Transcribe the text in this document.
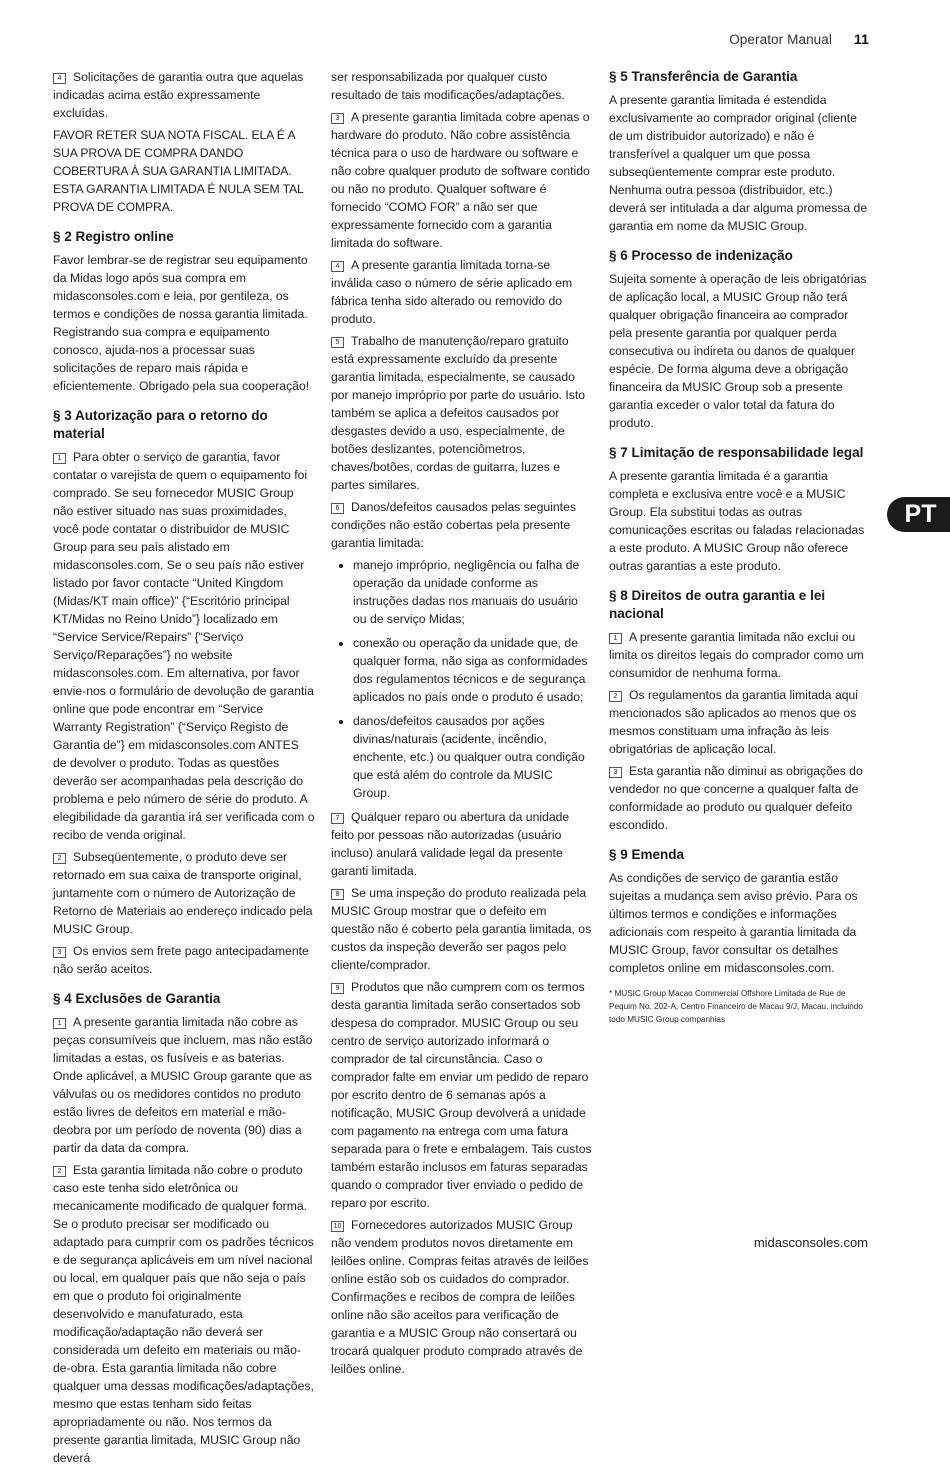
Operator Manual 11

4 Solicitações de garantia outra que aquelas indicadas acima estão expressamente excluídas.

FAVOR RETER SUA NOTA FISCAL. ELA É A SUA PROVA DE COMPRA DANDO COBERTURA À SUA GARANTIA LIMITADA. ESTA GARANTIA LIMITADA É NULA SEM TAL PROVA DE COMPRA.

§ 2 Registro online

Favor lembrar-se de registrar seu equipamento da Midas logo após sua compra em midasconsoles.com e leia, por gentileza, os termos e condições de nossa garantia limitada. Registrando sua compra e equipamento conosco, ajuda-nos a processar suas solicitações de reparo mais rápida e eficientemente. Obrigado pela sua cooperação!

§ 3 Autorização para o retorno do material

1 Para obter o serviço de garantia, favor contatar o varejista de quem o equipamento foi comprado. Se seu fornecedor MUSIC Group não estiver situado nas suas proximidades, você pode contatar o distribuidor de MUSIC Group para seu país alistado em midasconsoles.com. Se o seu país não estiver listado por favor contacte “United Kingdom (Midas/KT main office)” {“Escritório principal KT/Midas no Reino Unido”} localizado em “Service Service/Repairs” {“Serviço Serviço/Reparações”} no website midasconsoles.com. Em alternativa, por favor envie-nos o formulário de devolução de garantia online que pode encontrar em “Service Warranty Registration” {“Serviço Registo de Garantia de”} em midasconsoles.com ANTES de devolver o produto. Todas as questões deverão ser acompanhadas pela descrição do problema e pelo número de série do produto. A elegibilidade da garantia irá ser verificada com o recibo de venda original.

2 Subseqüentemente, o produto deve ser retornado em sua caixa de transporte original, juntamente com o número de Autorização de Retorno de Materiais ao endereço indicado pela MUSIC Group.

3 Os envios sem frete pago antecipadamente não serão aceitos.

§ 4 Exclusões de Garantia

1 A presente garantia limitada não cobre as peças consumíveis que incluem, mas não estão limitadas a estas, os fusíveis e as baterias. Onde aplicável, a MUSIC Group garante que as válvulas ou os medidores contidos no produto estão livres de defeitos em material e mão-deobra por um período de noventa (90) dias a partir da data da compra.

2 Esta garantia limitada não cobre o produto caso este tenha sido eletrônica ou mecanicamente modificado de qualquer forma. Se o produto precisar ser modificado ou adaptado para cumprir com os padrões técnicos e de segurança aplicáveis em um nível nacional ou local, em qualquer país que não seja o país em que o produto foi originalmente desenvolvido e manufaturado, esta modificação/adaptação não deverá ser considerada um defeito em materiais ou mão-de-obra. Esta garantia limitada não cobre qualquer uma dessas modificações/adaptações, mesmo que estas tenham sido feitas apropriadamente ou não. Nos termos da presente garantia limitada, MUSIC Group não deverá

ser responsabilizada por qualquer custo resultado de tais modificações/adaptações.

3 A presente garantia limitada cobre apenas o hardware do produto. Não cobre assistência técnica para o uso de hardware ou software e não cobre qualquer produto de software contido ou não no produto. Qualquer software é fornecido “COMO FOR” a não ser que expressamente fornecido com a garantia limitada do software.

4 A presente garantia limitada torna-se inválida caso o número de série aplicado em fábrica tenha sido alterado ou removido do produto.

5 Trabalho de manutenção/reparo gratuito está expressamente excluído da presente garantia limitada, especialmente, se causado por manejo impróprio por parte do usuário. Isto também se aplica a defeitos causados por desgastes devido a uso, especialmente, de botões deslizantes, potenciômetros, chaves/botões, cordas de guitarra, luzes e partes similares.

6 Danos/defeitos causados pelas seguintes condições não estão cobertas pela presente garantia limitada:

• manejo impróprio, negligência ou falha de operação da unidade conforme as instruções dadas nos manuais do usuário ou de serviço Midas;
• conexão ou operação da unidade que, de qualquer forma, não siga as conformidades dos regulamentos técnicos e de segurança aplicados no país onde o produto é usado;
• danos/defeitos causados por ações divinas/naturais (acidente, incêndio, enchente, etc.) ou qualquer outra condição que está além do controle da MUSIC Group.

7 Qualquer reparo ou abertura da unidade feito por pessoas não autorizadas (usuário incluso) anulará validade legal da presente garanti limitada.

8 Se uma inspeção do produto realizada pela MUSIC Group mostrar que o defeito em questão não é coberto pela garantia limitada, os custos da inspeção deverão ser pagos pelo cliente/comprador.

9 Produtos que não cumprem com os termos desta garantia limitada serão consertados sob despesa do comprador. MUSIC Group ou seu centro de serviço autorizado informará o comprador de tal circunstância. Caso o comprador falte em enviar um pedido de reparo por escrito dentro de 6 semanas após a notificação, MUSIC Group devolverá a unidade com pagamento na entrega com uma fatura separada para o frete e embalagem. Tais custos também estarão inclusos em faturas separadas quando o comprador tiver enviado o pedido de reparo por escrito.

10 Fornecedores autorizados MUSIC Group não vendem produtos novos diretamente em leilões online. Compras feitas através de leilões online estão sob os cuidados do comprador. Confirmações e recibos de compra de leilões online não são aceitos para verificação de garantia e a MUSIC Group não consertará ou trocará qualquer produto comprado através de leilões online.

§ 5 Transferência de Garantia

A presente garantia limitada é estendida exclusivamente ao comprador original (cliente de um distribuidor autorizado) e não é transferível a qualquer um que possa subseqüentemente comprar este produto. Nenhuma outra pessoa (distribuidor, etc.) deverá ser intitulada a dar alguma promessa de garantia em nome da MUSIC Group.

§ 6 Processo de indenização

Sujeita somente à operação de leis obrigatórias de aplicação local, a MUSIC Group não terá qualquer obrigação financeira ao comprador pela presente garantia por qualquer perda consecutiva ou indireta ou danos de qualquer espécie. De forma alguma deve a obrigação financeira da MUSIC Group sob a presente garantia exceder o valor total da fatura do produto.

§ 7 Limitação de responsabilidade legal

A presente garantia limitada é a garantia completa e exclusiva entre você e a MUSIC Group. Ela substitui todas as outras comunicações escritas ou faladas relacionadas a este produto. A MUSIC Group não oferece outras garantias a este produto.

§ 8 Direitos de outra garantia e lei nacional

1 A presente garantia limitada não exclui ou limita os direitos legais do comprador como um consumidor de nenhuma forma.

2 Os regulamentos da garantia limitada aqui mencionados são aplicados ao menos que os mesmos constituam uma infração às leis obrigatórias de aplicação local.

3 Esta garantia não diminui as obrigações do vendedor no que concerne a qualquer falta de conformidade ao produto ou qualquer defeito escondido.

§ 9 Emenda

As condições de serviço de garantia estão sujeitas a mudança sem aviso prévio. Para os últimos termos e condições e informações adicionais com respeito à garantia limitada da MUSIC Group, favor consultar os detalhes completos online em midasconsoles.com.

* MUSIC Group Macao Commercial Offshore Limitada de Rue de Pequim No. 202-A, Centro Financeiro de Macau 9/J, Macau, incluindo todo MUSIC Group companhias

PT
midasconsoles.com
